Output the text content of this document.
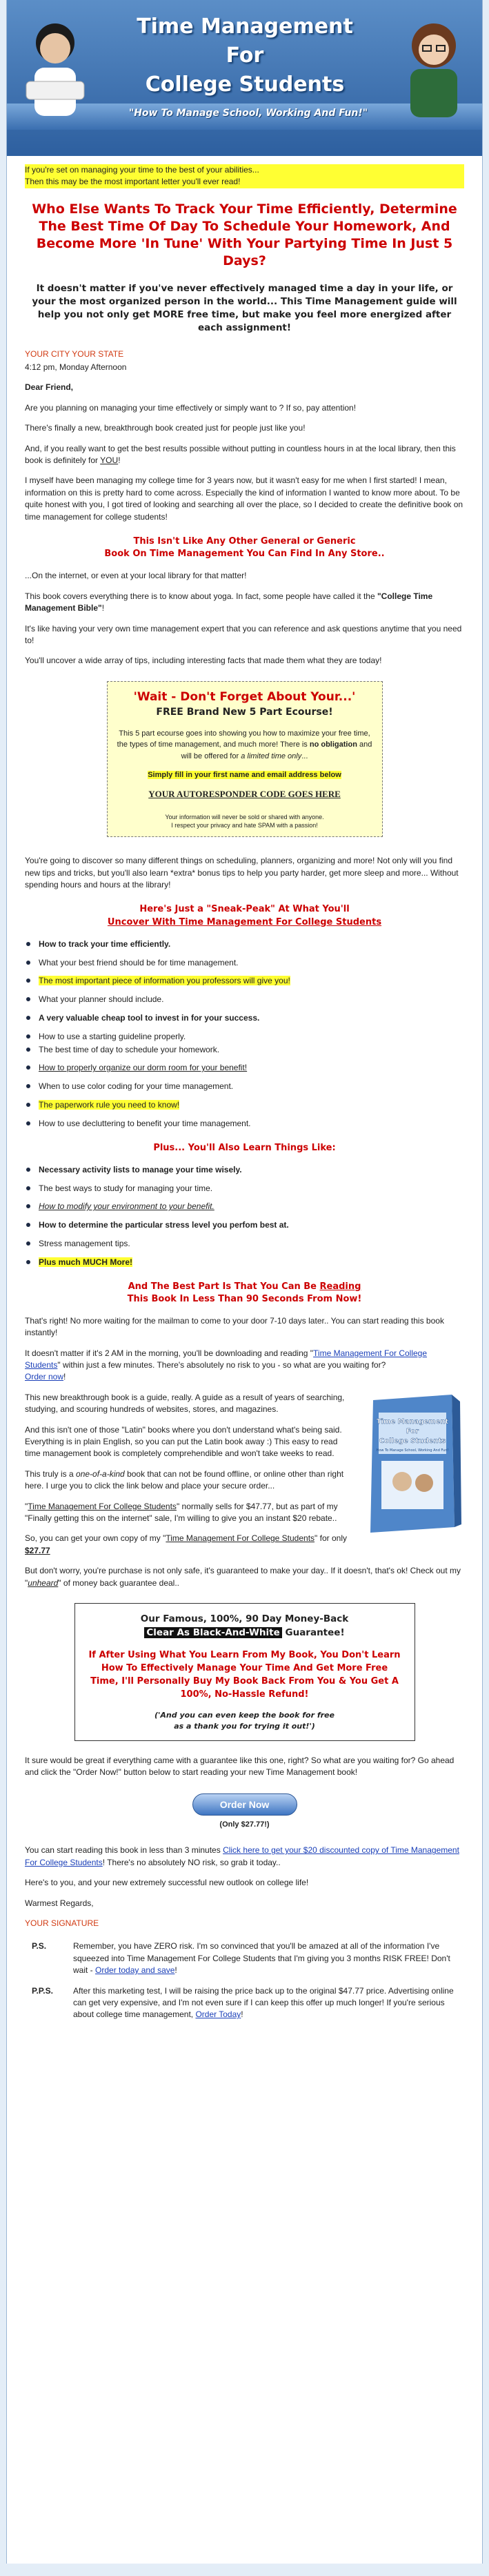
Time Management
For
College Students
"How To Manage School, Working And Fun!"

If you're set on managing your time to the best of your abilities...
Then this may be the most important letter you'll ever read!

Who Else Wants To Track Your Time Efficiently, Determine The Best Time Of Day To Schedule Your Homework, And Become More 'In Tune' With Your Partying Time In Just 5 Days?
It doesn't matter if you've never effectively managed time a day in your life, or your the most organized person in the world... This Time Management guide will help you not only get MORE free time, but make you feel more energized after each assignment!

YOUR CITY YOUR STATE

4:12 pm, Monday Afternoon

Dear Friend,

Are you planning on managing your time effectively or simply want to ? If so, pay attention!

There's finally a new, breakthrough book created just for people just like you!

And, if you really want to get the best results possible without putting in countless hours in at the local library, then this book is definitely for YOU!

I myself have been managing my college time for 3 years now, but it wasn't easy for me when I first started! I mean, information on this is pretty hard to come across. Especially the kind of information I wanted to know more about. To be quite honest with you, I got tired of looking and searching all over the place, so I decided to create the definitive book on time management for college students!

This Isn't Like Any Other General or Generic
Book On Time Management You Can Find In Any Store..

...On the internet, or even at your local library for that matter!

This book covers everything there is to know about yoga. In fact, some people have called it the "College Time Management Bible"!

It's like having your very own time management expert that you can reference and ask questions anytime that you need to!

You'll uncover a wide array of tips, including interesting facts that made them what they are today!

'Wait - Don't Forget About Your...'
FREE Brand New 5 Part Ecourse!

This 5 part ecourse goes into showing you how to maximize your free time, the types of time management, and much more! There is no obligation and will be offered for a limited time only...

Simply fill in your first name and email address below
YOUR AUTORESPONDER CODE GOES HERE
Your information will never be sold or shared with anyone.
I respect your privacy and hate SPAM with a passion!

You're going to discover so many different things on scheduling, planners, organizing and more! Not only will you find new tips and tricks, but you'll also learn *extra* bonus tips to help you party harder, get more sleep and more... Without spending hours and hours at the library!

Here's Just a "Sneak-Peak" At What You'll
Uncover With Time Management For College Students
How to track your time efficiently.
What your best friend should be for time management.
The most important piece of information you professors will give you!
What your planner should include.
A very valuable cheap tool to invest in for your success.
How to use a starting guideline properly.
The best time of day to schedule your homework.
How to properly organize our dorm room for your benefit!
When to use color coding for your time management.
The paperwork rule you need to know!
How to use decluttering to benefit your time management.
Plus... You'll Also Learn Things Like:
Necessary activity lists to manage your time wisely.
The best ways to study for managing your time.
How to modify your environment to your benefit.
How to determine the particular stress level you perfom best at.
Stress management tips.
Plus much MUCH More!
And The Best Part Is That You Can Be Reading
This Book In Less Than 90 Seconds From Now!

That's right! No more waiting for the mailman to come to your door 7-10 days later.. You can start reading this book instantly!

It doesn't matter if it's 2 AM in the morning, you'll be downloading and reading "Time Management For College Students" within just a few minutes. There's absolutely no risk to you - so what are you waiting for?
Order now!

Time Management
For
College Students
How To Manage School, Working And Fun!

This new breakthrough book is a guide, really. A guide as a result of years of searching, studying, and scouring hundreds of websites, stores, and magazines.

And this isn't one of those "Latin" books where you don't understand what's being said. Everything is in plain English, so you can put the Latin book away :) This easy to read time management book is completely comprehendible and won't take weeks to read.

This truly is a one-of-a-kind book that can not be found offline, or online other than right here. I urge you to click the link below and place your secure order...

"Time Management For College Students" normally sells for $47.77, but as part of my "Finally getting this on the internet" sale, I'm willing to give you an instant $20 rebate..

So, you can get your own copy of my "Time Management For College Students" for only
$27.77

But don't worry, you're purchase is not only safe, it's guaranteed to make your day.. If it doesn't, that's ok! Check out my "unheard" of money back guarantee deal..

Our Famous, 100%, 90 Day Money-Back
Clear As Black-And-White Guarantee!
If After Using What You Learn From My Book, You Don't Learn How To Effectively Manage Your Time And Get More Free Time, I'll Personally Buy My Book Back From You & You Get A 100%, No-Hassle Refund!
('And you can even keep the book for free
as a thank you for trying it out!')

It sure would be great if everything came with a guarantee like this one, right? So what are you waiting for? Go ahead and click the "Order Now!" button below to start reading your new Time Management book!

Order Now
(Only $27.77!)

You can start reading this book in less than 3 minutes Click here to get your $20 discounted copy of Time Management For College Students! There's no absolutely NO risk, so grab it today..

Here's to you, and your new extremely successful new outlook on college life!

Warmest Regards,

YOUR SIGNATURE

P.S.	Remember, you have ZERO risk. I'm so convinced that you'll be amazed at all of the information I've squeezed into Time Management For College Students that I'm giving you 3 months RISK FREE! Don't wait - Order today and save!
P.P.S.	After this marketing test, I will be raising the price back up to the original $47.77 price. Advertising online can get very expensive, and I'm not even sure if I can keep this offer up much longer! If you're serious about college time management, Order Today!
